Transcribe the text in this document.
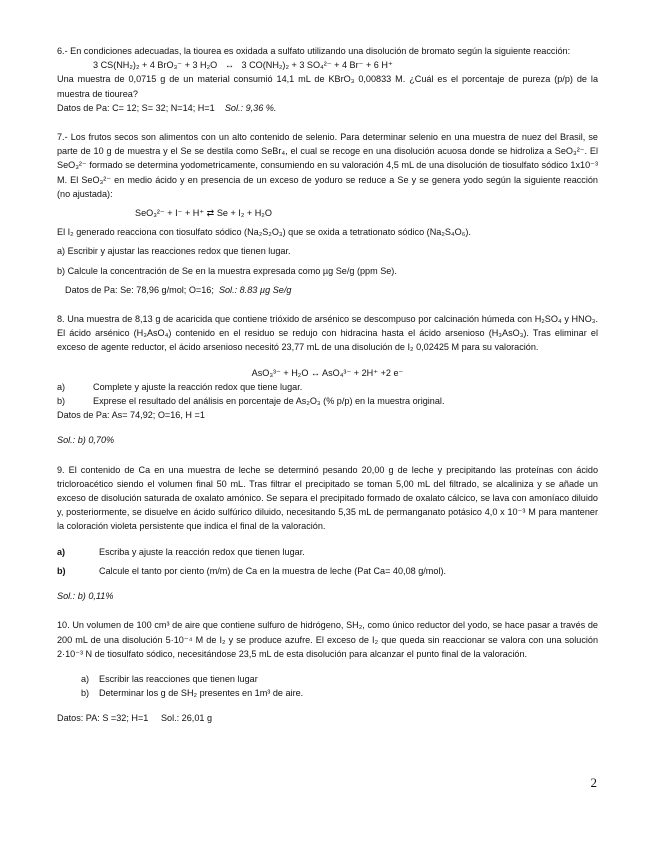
6.- En condiciones adecuadas, la tiourea es oxidada a sulfato utilizando una disolución de bromato según la siguiente reacción:

3 CS(NH₂)₂ + 4 BrO₃⁻ + 3 H₂O ↔ 3 CO(NH₂)₂ + 3 SO₄²⁻ + 4 Br⁻ + 6 H⁺

Una muestra de 0,0715 g de un material consumió 14,1 mL de KBrO₃ 0,00833 M. ¿Cuál es el porcentaje de pureza (p/p) de la muestra de tiourea?

Datos de Pa: C= 12; S= 32; N=14; H=1 Sol.: 9,36 %.

7.- Los frutos secos son alimentos con un alto contenido de selenio. Para determinar selenio en una muestra de nuez del Brasil, se parte de 10 g de muestra y el Se se destila como SeBr₄, el cual se recoge en una disolución acuosa donde se hidroliza a SeO₃²⁻. El SeO₃²⁻ formado se determina yodometricamente, consumiendo en su valoración 4,5 mL de una disolución de tiosulfato sódico 1x10⁻³ M. El SeO₃²⁻ en medio ácido y en presencia de un exceso de yoduro se reduce a Se y se genera yodo según la siguiente reacción (no ajustada):

SeO₃²⁻ + I⁻ + H⁺ ⇄ Se + I₂ + H₂O

El I₂ generado reacciona con tiosulfato sódico (Na₂S₂O₃) que se oxida a tetrationato sódico (Na₂S₄O₆).

a) Escribir y ajustar las reacciones redox que tienen lugar.

b) Calcule la concentración de Se en la muestra expresada como µg Se/g (ppm Se).

Datos de Pa: Se: 78,96 g/mol; O=16; Sol.: 8.83 µg Se/g

8. Una muestra de 8,13 g de acaricida que contiene trióxido de arsénico se descompuso por calcinación húmeda con H₂SO₄ y HNO₃. El ácido arsénico (H₃AsO₄) contenido en el residuo se redujo con hidracina hasta el ácido arsenioso (H₃AsO₃). Tras eliminar el exceso de agente reductor, el ácido arsenioso necesitó 23,77 mL de una disolución de I₂ 0,02425 M para su valoración.

AsO₃³⁻ + H₂O ↔ AsO₄³⁻ + 2H⁺ +2 e⁻

a)	Complete y ajuste la reacción redox que tiene lugar.
b)	Exprese el resultado del análisis en porcentaje de As₂O₃ (% p/p) en la muestra original.

Datos de Pa: As= 74,92; O=16, H =1

Sol.: b) 0,70%

9. El contenido de Ca en una muestra de leche se determinó pesando 20,00 g de leche y precipitando las proteínas con ácido tricloroacético siendo el volumen final 50 mL. Tras filtrar el precipitado se toman 5,00 mL del filtrado, se alcaliniza y se añade un exceso de disolución saturada de oxalato amónico. Se separa el precipitado formado de oxalato cálcico, se lava con amoníaco diluido y, posteriormente, se disuelve en ácido sulfúrico diluido, necesitando 5,35 mL de permanganato potásico 4,0 x 10⁻³ M para mantener la coloración violeta persistente que indica el final de la valoración.

a)	Escriba y ajuste la reacción redox que tienen lugar.
b)	Calcule el tanto por ciento (m/m) de Ca en la muestra de leche (Pat Ca= 40,08 g/mol).

Sol.: b) 0,11%

10. Un volumen de 100 cm³ de aire que contiene sulfuro de hidrógeno, SH₂, como único reductor del yodo, se hace pasar a través de 200 mL de una disolución 5·10⁻⁴ M de I₂ y se produce azufre. El exceso de I₂ que queda sin reaccionar se valora con una solución 2·10⁻³ N de tiosulfato sódico, necesitándose 23,5 mL de esta disolución para alcanzar el punto final de la valoración.

a)	Escribir las reacciones que tienen lugar
b)	Determinar los g de SH₂ presentes en 1m³ de aire.

Datos: PA: S =32; H=1     Sol.: 26,01 g

2
